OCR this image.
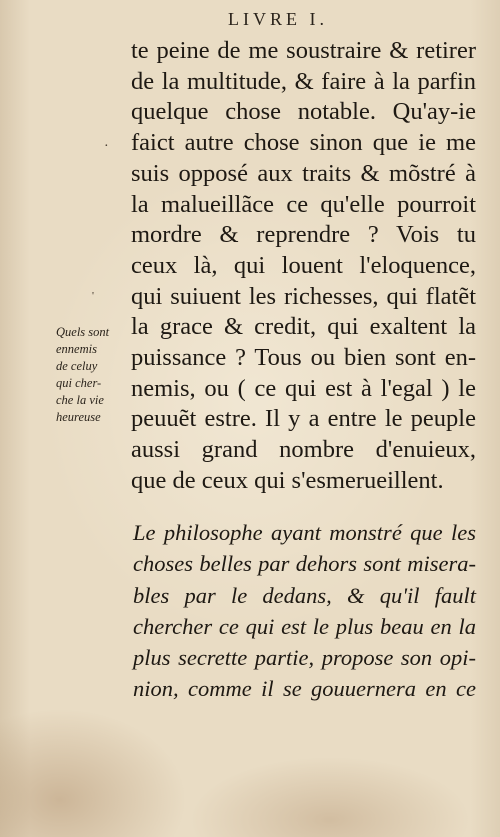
LIVRE I.
·
'
te peine de me soustraire & retirer
de la multitude, & faire à la parfin
quelque chose notable. Qu'ay-ie
faict autre chose sinon que ie me
suis opposé aux traits & mõstré à
la malueillãce ce qu'elle pourroit
mordre & reprendre ? Vois tu
ceux là, qui louent l'eloquence,
qui suiuent les richesses, qui flatẽt
la grace & credit, qui exaltent la
puissance ? Tous ou bien sont en-
nemis, ou ( ce qui est à l'egal ) le
peuuẽt estre. Il y a entre le peuple
aussi grand nombre d'enuieux,
que de ceux qui s'esmerueillent.
Quels sont
ennemis
de celuy
qui cher-
che la vie
heureuse
Le philosophe ayant monstré que les
choses belles par dehors sont misera-
bles par le dedans, & qu'il fault
chercher ce qui est le plus beau en la
plus secrette partie, propose son opi-
nion, comme il se gouuernera en ce
